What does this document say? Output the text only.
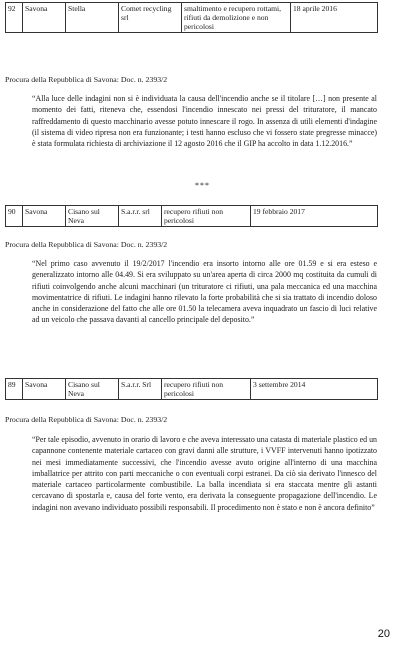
92	Savona	Stella	Comet recycling srl	smaltimento e recupero rottami, rifiuti da demolizione e non pericolosi	18 aprile 2016
Procura della Repubblica di Savona: Doc. n. 2393/2

“Alla luce delle indagini non si è individuata la causa dell'incendio anche se il titolare […] non presente al momento dei fatti, riteneva che, essendosi l'incendio innescato nei pressi del trituratore, il mancato raffreddamento di questo macchinario avesse potuto innescare il rogo. In assenza di utili elementi d'indagine (il sistema di video ripresa non era funzionante; i testi hanno escluso che vi fossero state pregresse minacce) è stata formulata richiesta di archiviazione il 12 agosto 2016 che il GIP ha accolto in data 1.12.2016.”

***
90	Savona	Cisano sul Neva	S.a.r.r. srl	recupero rifiuti non pericolosi	19 febbraio 2017
Procura della Repubblica di Savona: Doc. n. 2393/2

“Nel primo caso avvenuto il 19/2/2017 l'incendio era insorto intorno alle ore 01.59 e si era esteso e generalizzato intorno alle 04.49. Si era sviluppato su un'area aperta di circa 2000 mq costituita da cumuli di rifiuti coinvolgendo anche alcuni macchinari (un trituratore ci rifiuti, una pala meccanica ed una macchina movimentatrice di rifiuti. Le indagini hanno rilevato la forte probabilità che si sia trattato di incendio doloso anche in considerazione del fatto che alle ore 01.50 la telecamera aveva inquadrato un fascio di luci relative ad un veicolo che passava davanti al cancello principale del deposito.”

89	Savona	Cisano sul Neva	S.a.r.r. Srl	recupero rifiuti non pericolosi	3 settembre 2014
Procura della Repubblica di Savona: Doc. n. 2393/2

“Per tale episodio, avvenuto in orario di lavoro e che aveva interessato una catasta di materiale plastico ed un capannone contenente materiale cartaceo con gravi danni alle strutture, i VVFF intervenuti hanno ipotizzato nei mesi immediatamente successivi, che l'incendio avesse avuto origine all'interno di una macchina imballatrice per attrito con parti meccaniche o con eventuali corpi estranei. Da ciò sia derivato l'innesco del materiale cartaceo particolarmente combustibile. La balla incendiata si era staccata mentre gli astanti cercavano di spostarla e, causa del forte vento, era derivata la conseguente propagazione dell'incendio. Le indagini non avevano individuato possibili responsabili. Il procedimento non è stato e non è ancora definito”

20
